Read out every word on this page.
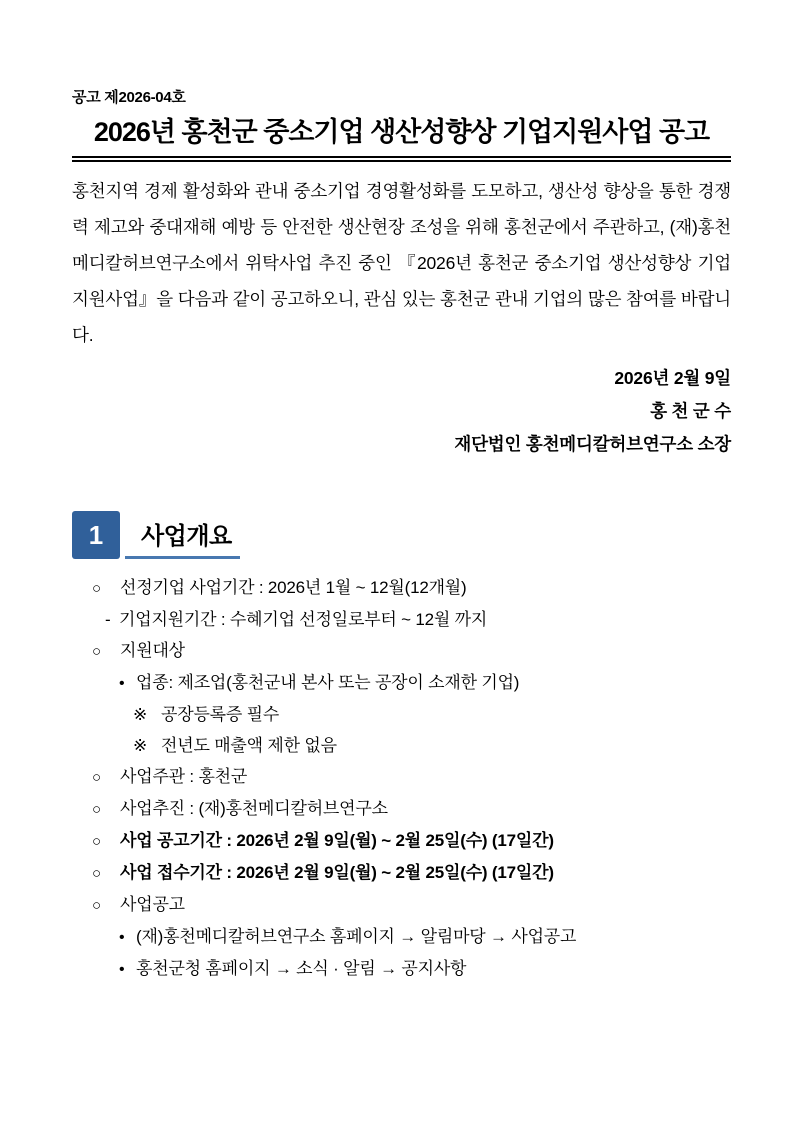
공고 제2026-04호
2026년 홍천군 중소기업 생산성향상 기업지원사업 공고

홍천지역 경제 활성화와 관내 중소기업 경영활성화를 도모하고, 생산성 향상을 통한 경쟁력 제고와 중대재해 예방 등 안전한 생산현장 조성을 위해 홍천군에서 주관하고, (재)홍천메디칼허브연구소에서 위탁사업 추진 중인 『2026년 홍천군 중소기업 생산성향상 기업지원사업』을 다음과 같이 공고하오니, 관심 있는 홍천군 관내 기업의 많은 참여를 바랍니다.

2026년 2월 9일
홍 천 군 수
재단법인 홍천메디칼허브연구소 소장
1	사업개요
○	선정기업 사업기간 : 2026년 1월 ~ 12월(12개월)
- 기업지원기간 : 수혜기업 선정일로부터 ~ 12월 까지
○	지원대상
• 업종: 제조업(홍천군내 본사 또는 공장이 소재한 기업)
※ 공장등록증 필수
※ 전년도 매출액 제한 없음
○	사업주관 : 홍천군
○	사업추진 : (재)홍천메디칼허브연구소
○	사업 공고기간 : 2026년 2월 9일(월) ~ 2월 25일(수) (17일간)
○	사업 접수기간 : 2026년 2월 9일(월) ~ 2월 25일(수) (17일간)
○	사업공고
• (재)홍천메디칼허브연구소 홈페이지 → 알림마당 → 사업공고
• 홍천군청 홈페이지 → 소식 · 알림 → 공지사항
